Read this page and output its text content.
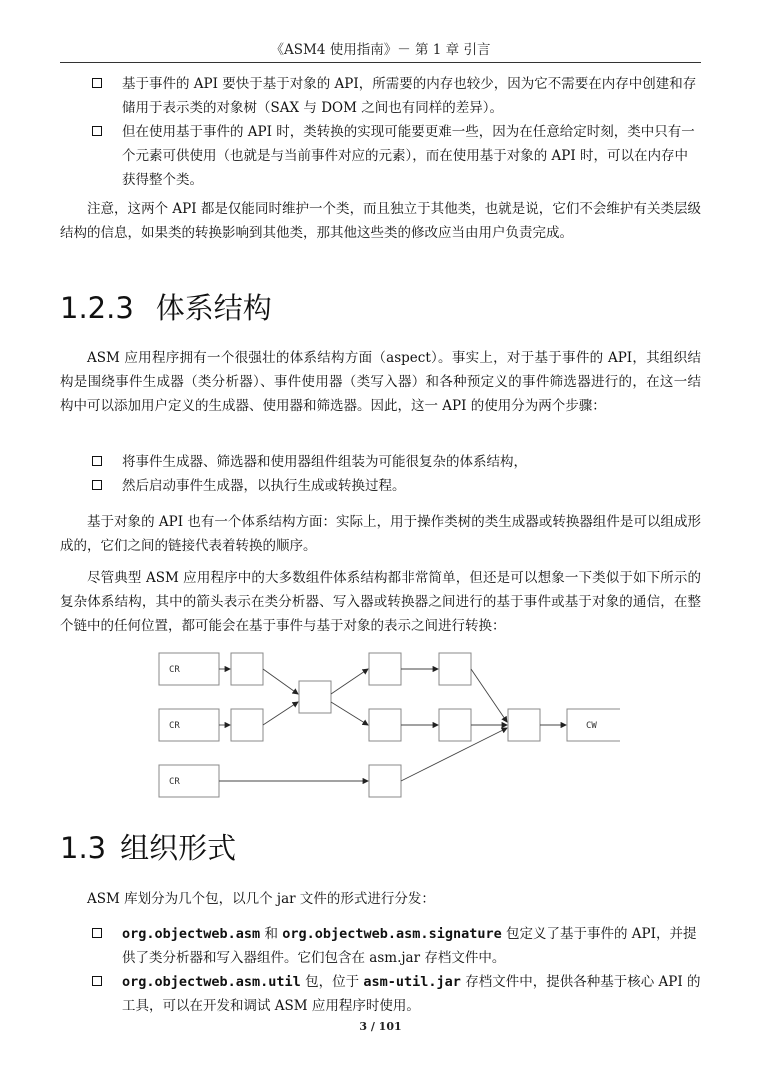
《ASM4 使用指南》－ 第 1 章 引言
基于事件的 API 要快于基于对象的 API，所需要的内存也较少，因为它不需要在内存中创建和存储用于表示类的对象树（SAX 与 DOM 之间也有同样的差异）。
但在使用基于事件的 API 时，类转换的实现可能要更难一些，因为在任意给定时刻，类中只有一个元素可供使用（也就是与当前事件对应的元素），而在使用基于对象的 API 时，可以在内存中获得整个类。
注意，这两个 API 都是仅能同时维护一个类，而且独立于其他类，也就是说，它们不会维护有关类层级结构的信息，如果类的转换影响到其他类，那其他这些类的修改应当由用户负责完成。
1.2.3 体系结构
ASM 应用程序拥有一个很强壮的体系结构方面（aspect）。事实上，对于基于事件的 API，其组织结构是围绕事件生成器（类分析器）、事件使用器（类写入器）和各种预定义的事件筛选器进行的，在这一结构中可以添加用户定义的生成器、使用器和筛选器。因此，这一 API 的使用分为两个步骤：
将事件生成器、筛选器和使用器组件组装为可能很复杂的体系结构，
然后启动事件生成器，以执行生成或转换过程。
基于对象的 API 也有一个体系结构方面：实际上，用于操作类树的类生成器或转换器组件是可以组成形成的，它们之间的链接代表着转换的顺序。
尽管典型 ASM 应用程序中的大多数组件体系结构都非常简单，但还是可以想象一下类似于如下所示的复杂体系结构，其中的箭头表示在类分析器、写入器或转换器之间进行的基于事件或基于对象的通信，在整个链中的任何位置，都可能会在基于事件与基于对象的表示之间进行转换：
CR
CR
CR
CW
1.3 组织形式
ASM 库划分为几个包，以几个 jar 文件的形式进行分发：
org.objectweb.asm 和 org.objectweb.asm.signature 包定义了基于事件的 API，并提供了类分析器和写入器组件。它们包含在 asm.jar 存档文件中。
org.objectweb.asm.util 包，位于 asm-util.jar 存档文件中，提供各种基于核心 API 的工具，可以在开发和调试 ASM 应用程序时使用。
3 / 101
